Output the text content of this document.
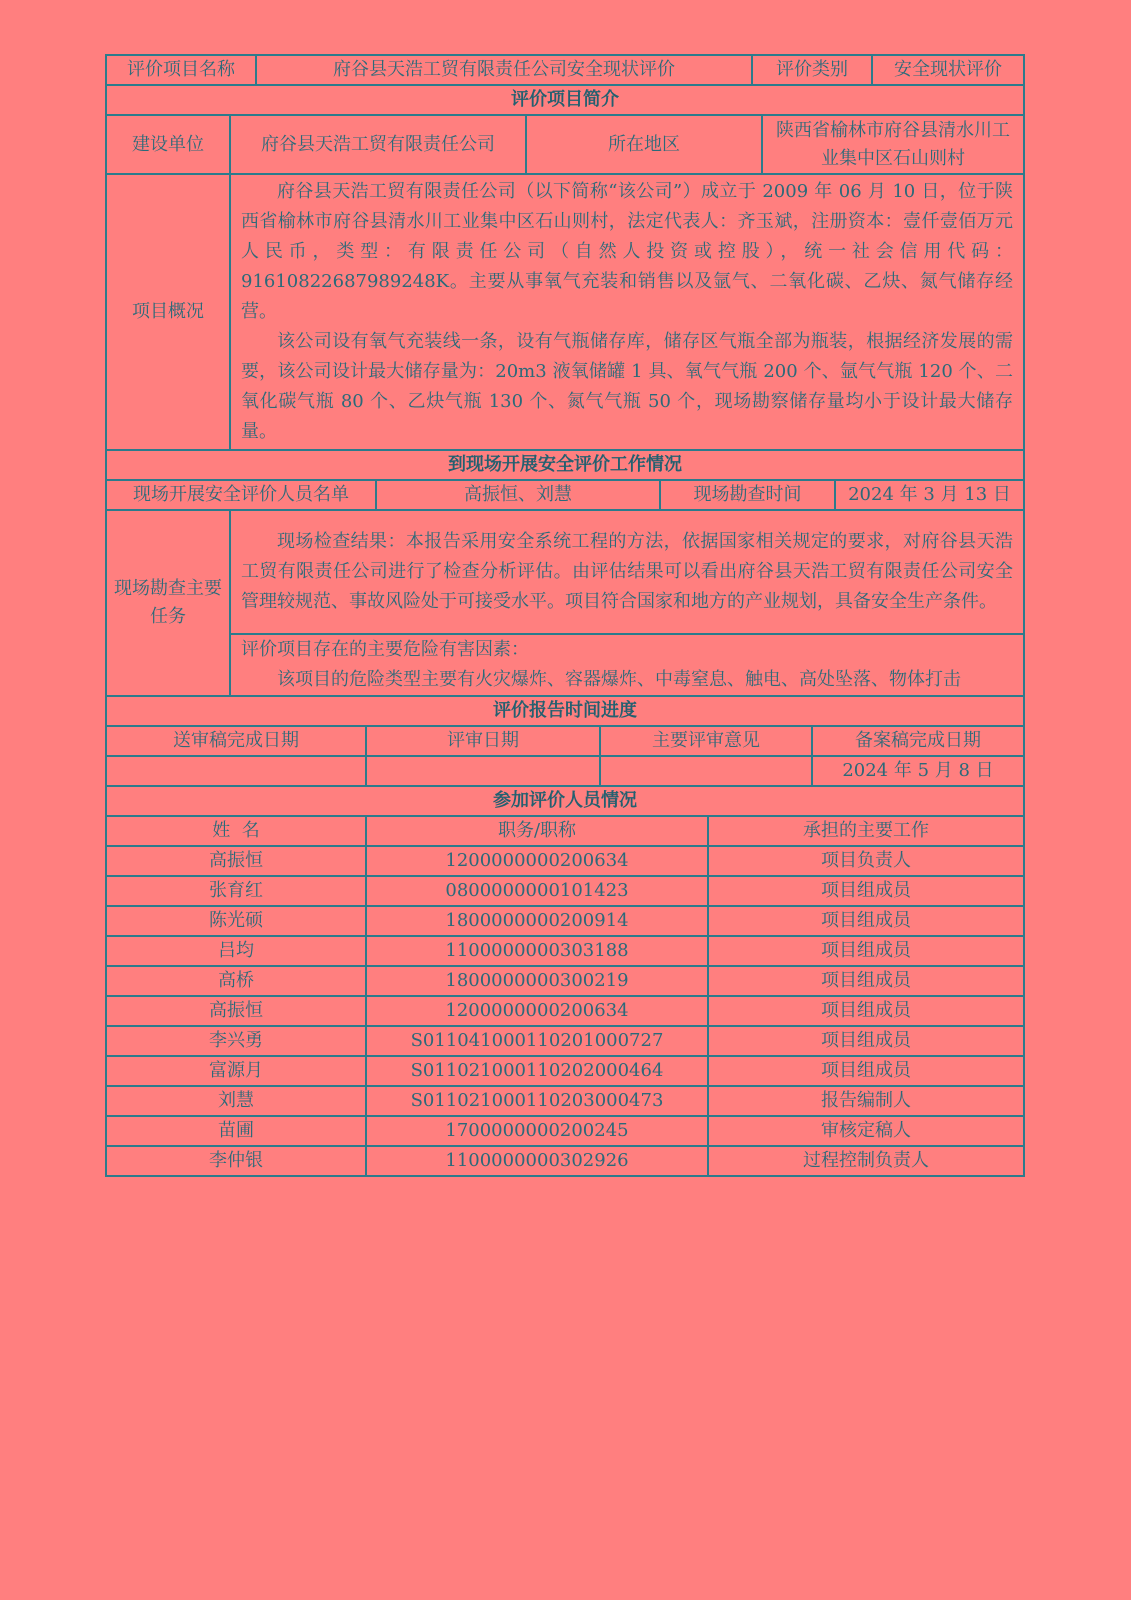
评价项目名称	府谷县天浩工贸有限责任公司安全现状评价	评价类别	安全现状评价
评价项目简介			
建设单位	府谷县天浩工贸有限责任公司	所在地区	陕西省榆林市府谷县清水川工业集中区石山则村
项目概况	府谷县天浩工贸有限责任公司（以下简称“该公司”）成立于 2009 年 06 月 10 日，位于陕西省榆林市府谷县清水川工业集中区石山则村，法定代表人：齐玉斌，注册资本：壹仟壹佰万元人民币，类型：有限责任公司（自然人投资或控股），统一社会信用代码：91610822687989248K。主要从事氧气充装和销售以及氩气、二氧化碳、乙炔、氮气储存经营。

该公司设有氧气充装线一条，设有气瓶储存库，储存区气瓶全部为瓶装，根据经济发展的需要，该公司设计最大储存量为：20m3 液氧储罐 1 具、氧气气瓶 200 个、氩气气瓶 120 个、二氧化碳气瓶 80 个、乙炔气瓶 130 个、氮气气瓶 50 个，现场勘察储存量均小于设计最大储存量。		

到现场开展安全评价工作情况				
现场开展安全评价人员名单		高振恒、刘慧	现场勘查时间	2024 年 3 月 13 日
现场勘查主要任务	现场检查结果：本报告采用安全系统工程的方法，依据国家相关规定的要求，对府谷县天浩工贸有限责任公司进行了检查分析评估。由评估结果可以看出府谷县天浩工贸有限责任公司安全管理较规范、事故风险处于可接受水平。项目符合国家和地方的产业规划，具备安全生产条件。			

	评价项目存在的主要危险有害因素：
该项目的危险类型主要有火灾爆炸、容器爆炸、中毒窒息、触电、高处坠落、物体打击			
评价报告时间进度			
送审稿完成日期	评审日期	主要评审意见	备案稿完成日期
			2024 年 5 月 8 日
参加评价人员情况		
姓  名	职务/职称	承担的主要工作
高振恒	1200000000200634	项目负责人
张育红	0800000000101423	项目组成员
陈光硕	1800000000200914	项目组成员
吕均	1100000000303188	项目组成员
高桥	1800000000300219	项目组成员
高振恒	1200000000200634	项目组成员
李兴勇	S011041000110201000727	项目组成员
富源月	S011021000110202000464	项目组成员
刘慧	S011021000110203000473	报告编制人
苗圃	1700000000200245	审核定稿人
李仲银	1100000000302926	过程控制负责人
